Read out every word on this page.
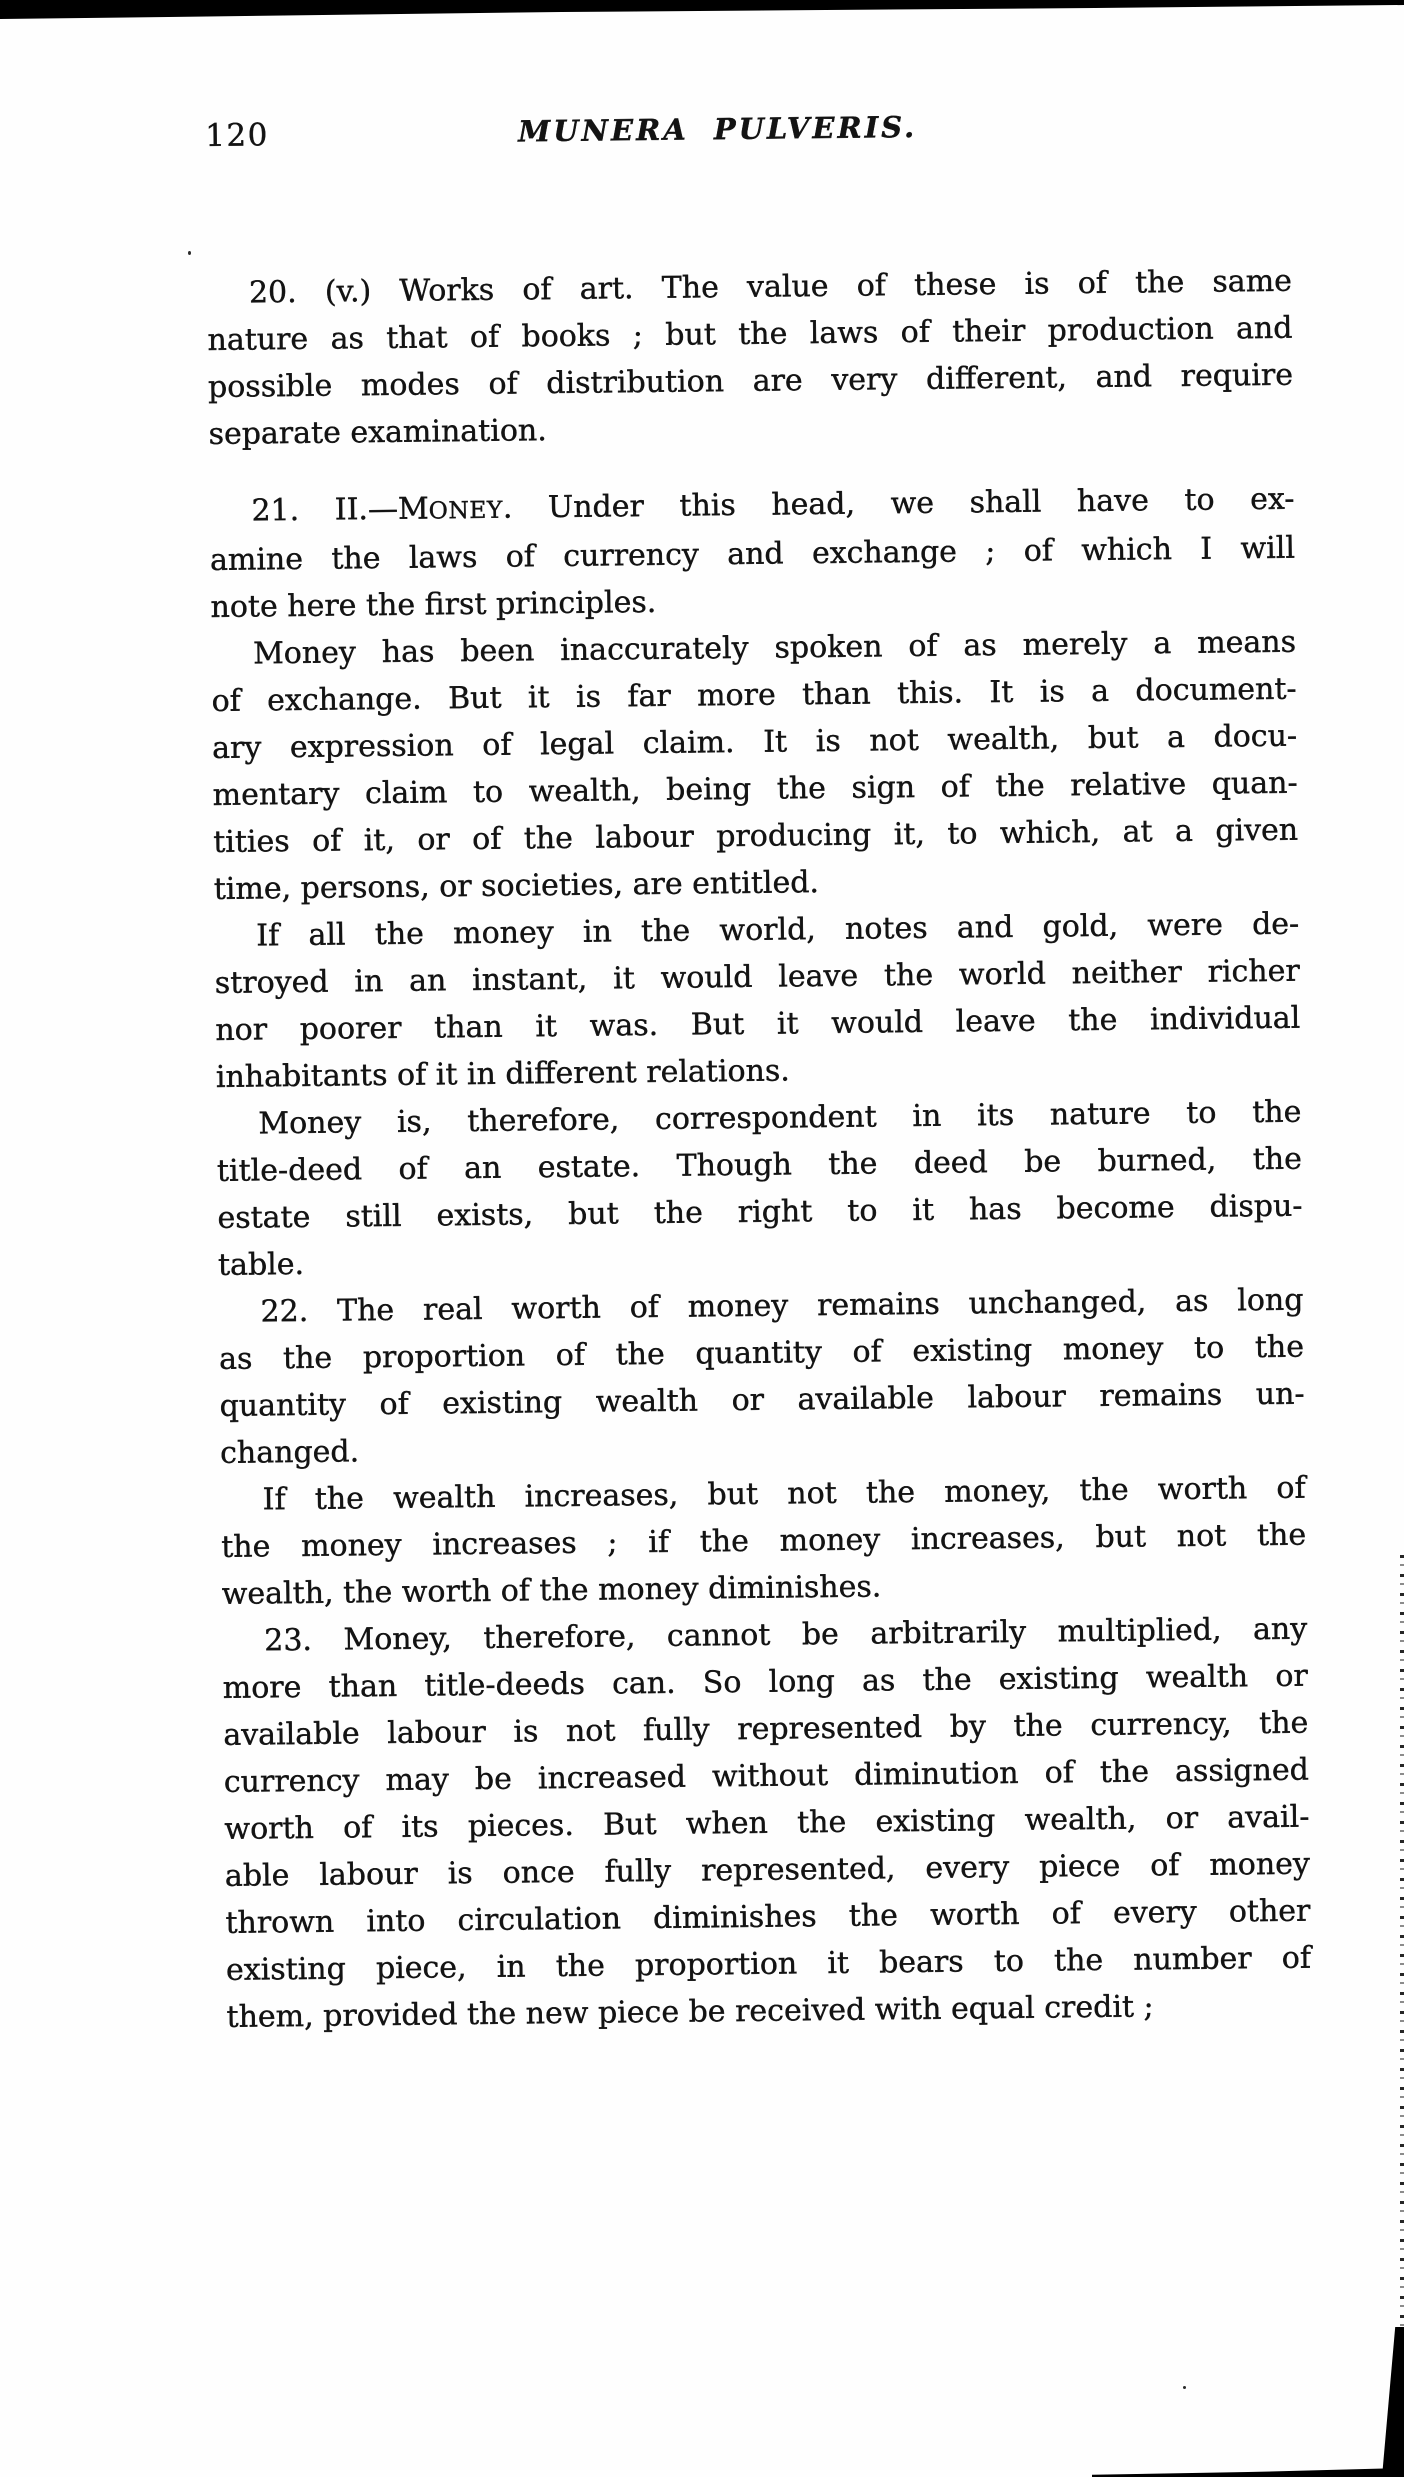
120	MUNERA PULVERIS.
20. (v.) Works of art. The value of these is of the same
nature as that of books ; but the laws of their production and
possible modes of distribution are very different, and require
separate examination.
21. II.—MONEY. Under this head, we shall have to ex-
amine the laws of currency and exchange ; of which I will
note here the first principles.
Money has been inaccurately spoken of as merely a means
of exchange. But it is far more than this. It is a document-
ary expression of legal claim. It is not wealth, but a docu-
mentary claim to wealth, being the sign of the relative quan-
tities of it, or of the labour producing it, to which, at a given
time, persons, or societies, are entitled.
If all the money in the world, notes and gold, were de-
stroyed in an instant, it would leave the world neither richer
nor poorer than it was. But it would leave the individual
inhabitants of it in different relations.
Money is, therefore, correspondent in its nature to the
title-deed of an estate. Though the deed be burned, the
estate still exists, but the right to it has become dispu-
table.
22. The real worth of money remains unchanged, as long
as the proportion of the quantity of existing money to the
quantity of existing wealth or available labour remains un-
changed.
If the wealth increases, but not the money, the worth of
the money increases ; if the money increases, but not the
wealth, the worth of the money diminishes.
23. Money, therefore, cannot be arbitrarily multiplied, any
more than title-deeds can. So long as the existing wealth or
available labour is not fully represented by the currency, the
currency may be increased without diminution of the assigned
worth of its pieces. But when the existing wealth, or avail-
able labour is once fully represented, every piece of money
thrown into circulation diminishes the worth of every other
existing piece, in the proportion it bears to the number of
them, provided the new piece be received with equal credit ;
